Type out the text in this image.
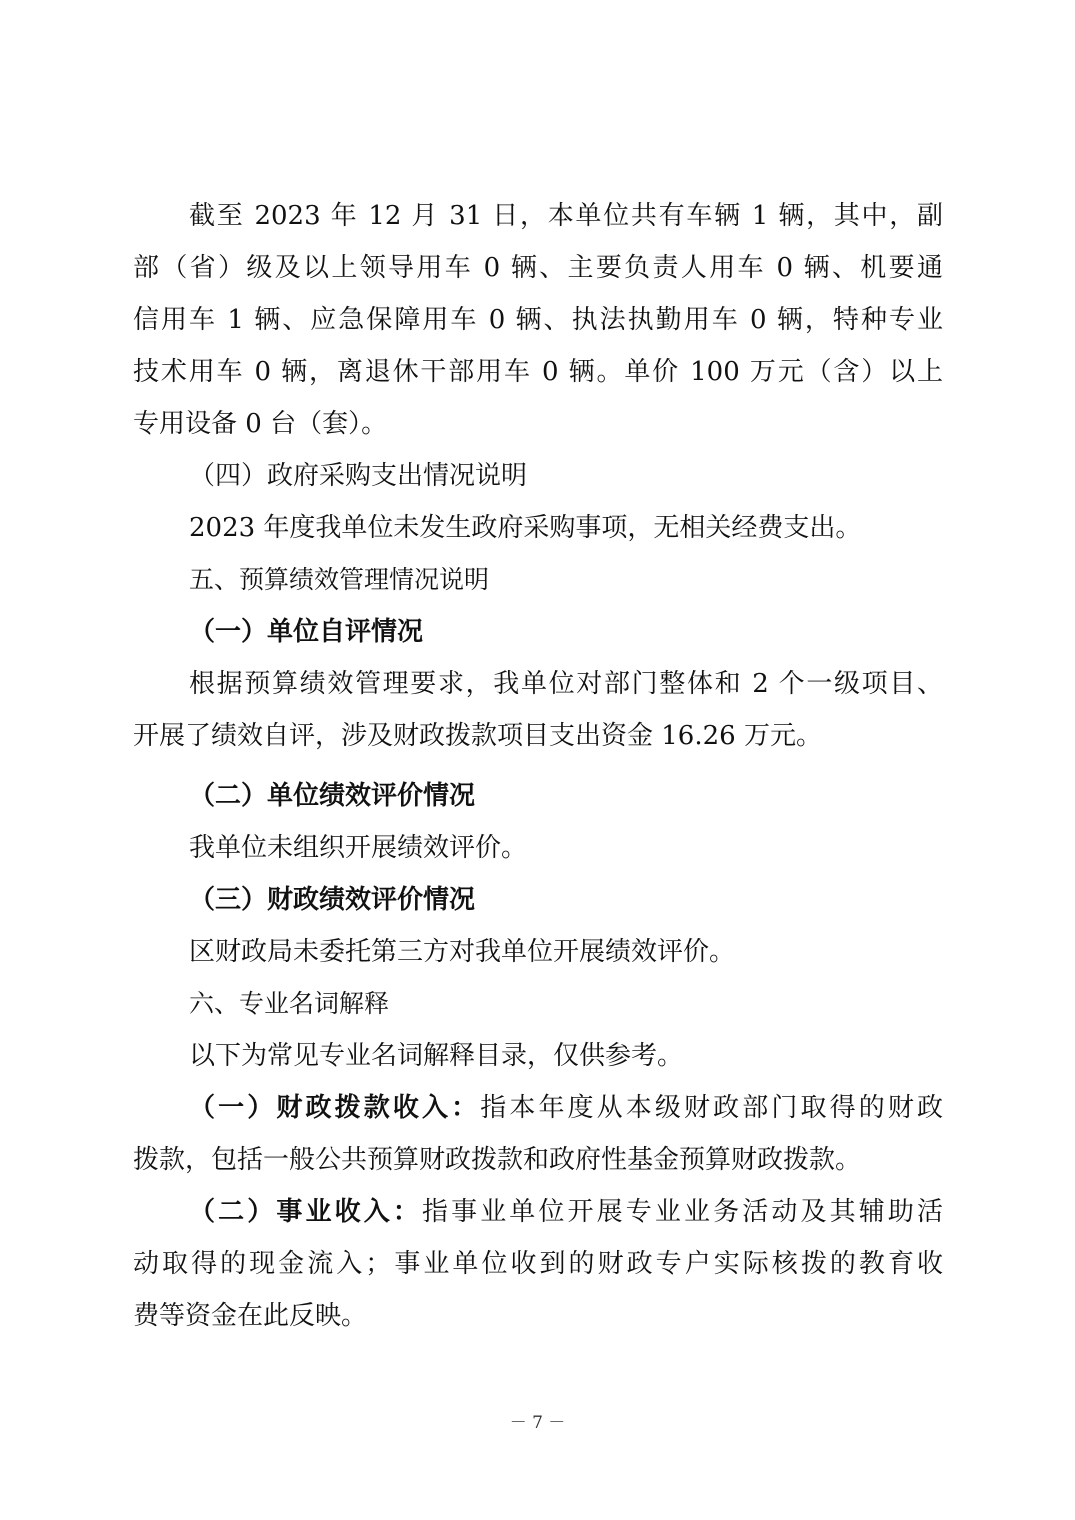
截至 2023 年 12 月 31 日，本单位共有车辆 1 辆，其中，副

部（省）级及以上领导用车 0 辆、主要负责人用车 0 辆、机要通

信用车 1 辆、应急保障用车 0 辆、执法执勤用车 0 辆，特种专业

技术用车 0 辆，离退休干部用车 0 辆。单价 100 万元（含）以上

专用设备 0 台（套）。

（四）政府采购支出情况说明

2023 年度我单位未发生政府采购事项，无相关经费支出。

五、预算绩效管理情况说明

（一）单位自评情况

根据预算绩效管理要求，我单位对部门整体和 2 个一级项目、

开展了绩效自评，涉及财政拨款项目支出资金 16.26 万元。

（二）单位绩效评价情况

我单位未组织开展绩效评价。

（三）财政绩效评价情况

区财政局未委托第三方对我单位开展绩效评价。

六、专业名词解释

以下为常见专业名词解释目录，仅供参考。

（一）财政拨款收入：指本年度从本级财政部门取得的财政

拨款，包括一般公共预算财政拨款和政府性基金预算财政拨款。

（二）事业收入：指事业单位开展专业业务活动及其辅助活

动取得的现金流入；事业单位收到的财政专户实际核拨的教育收

费等资金在此反映。

－ 7 －
